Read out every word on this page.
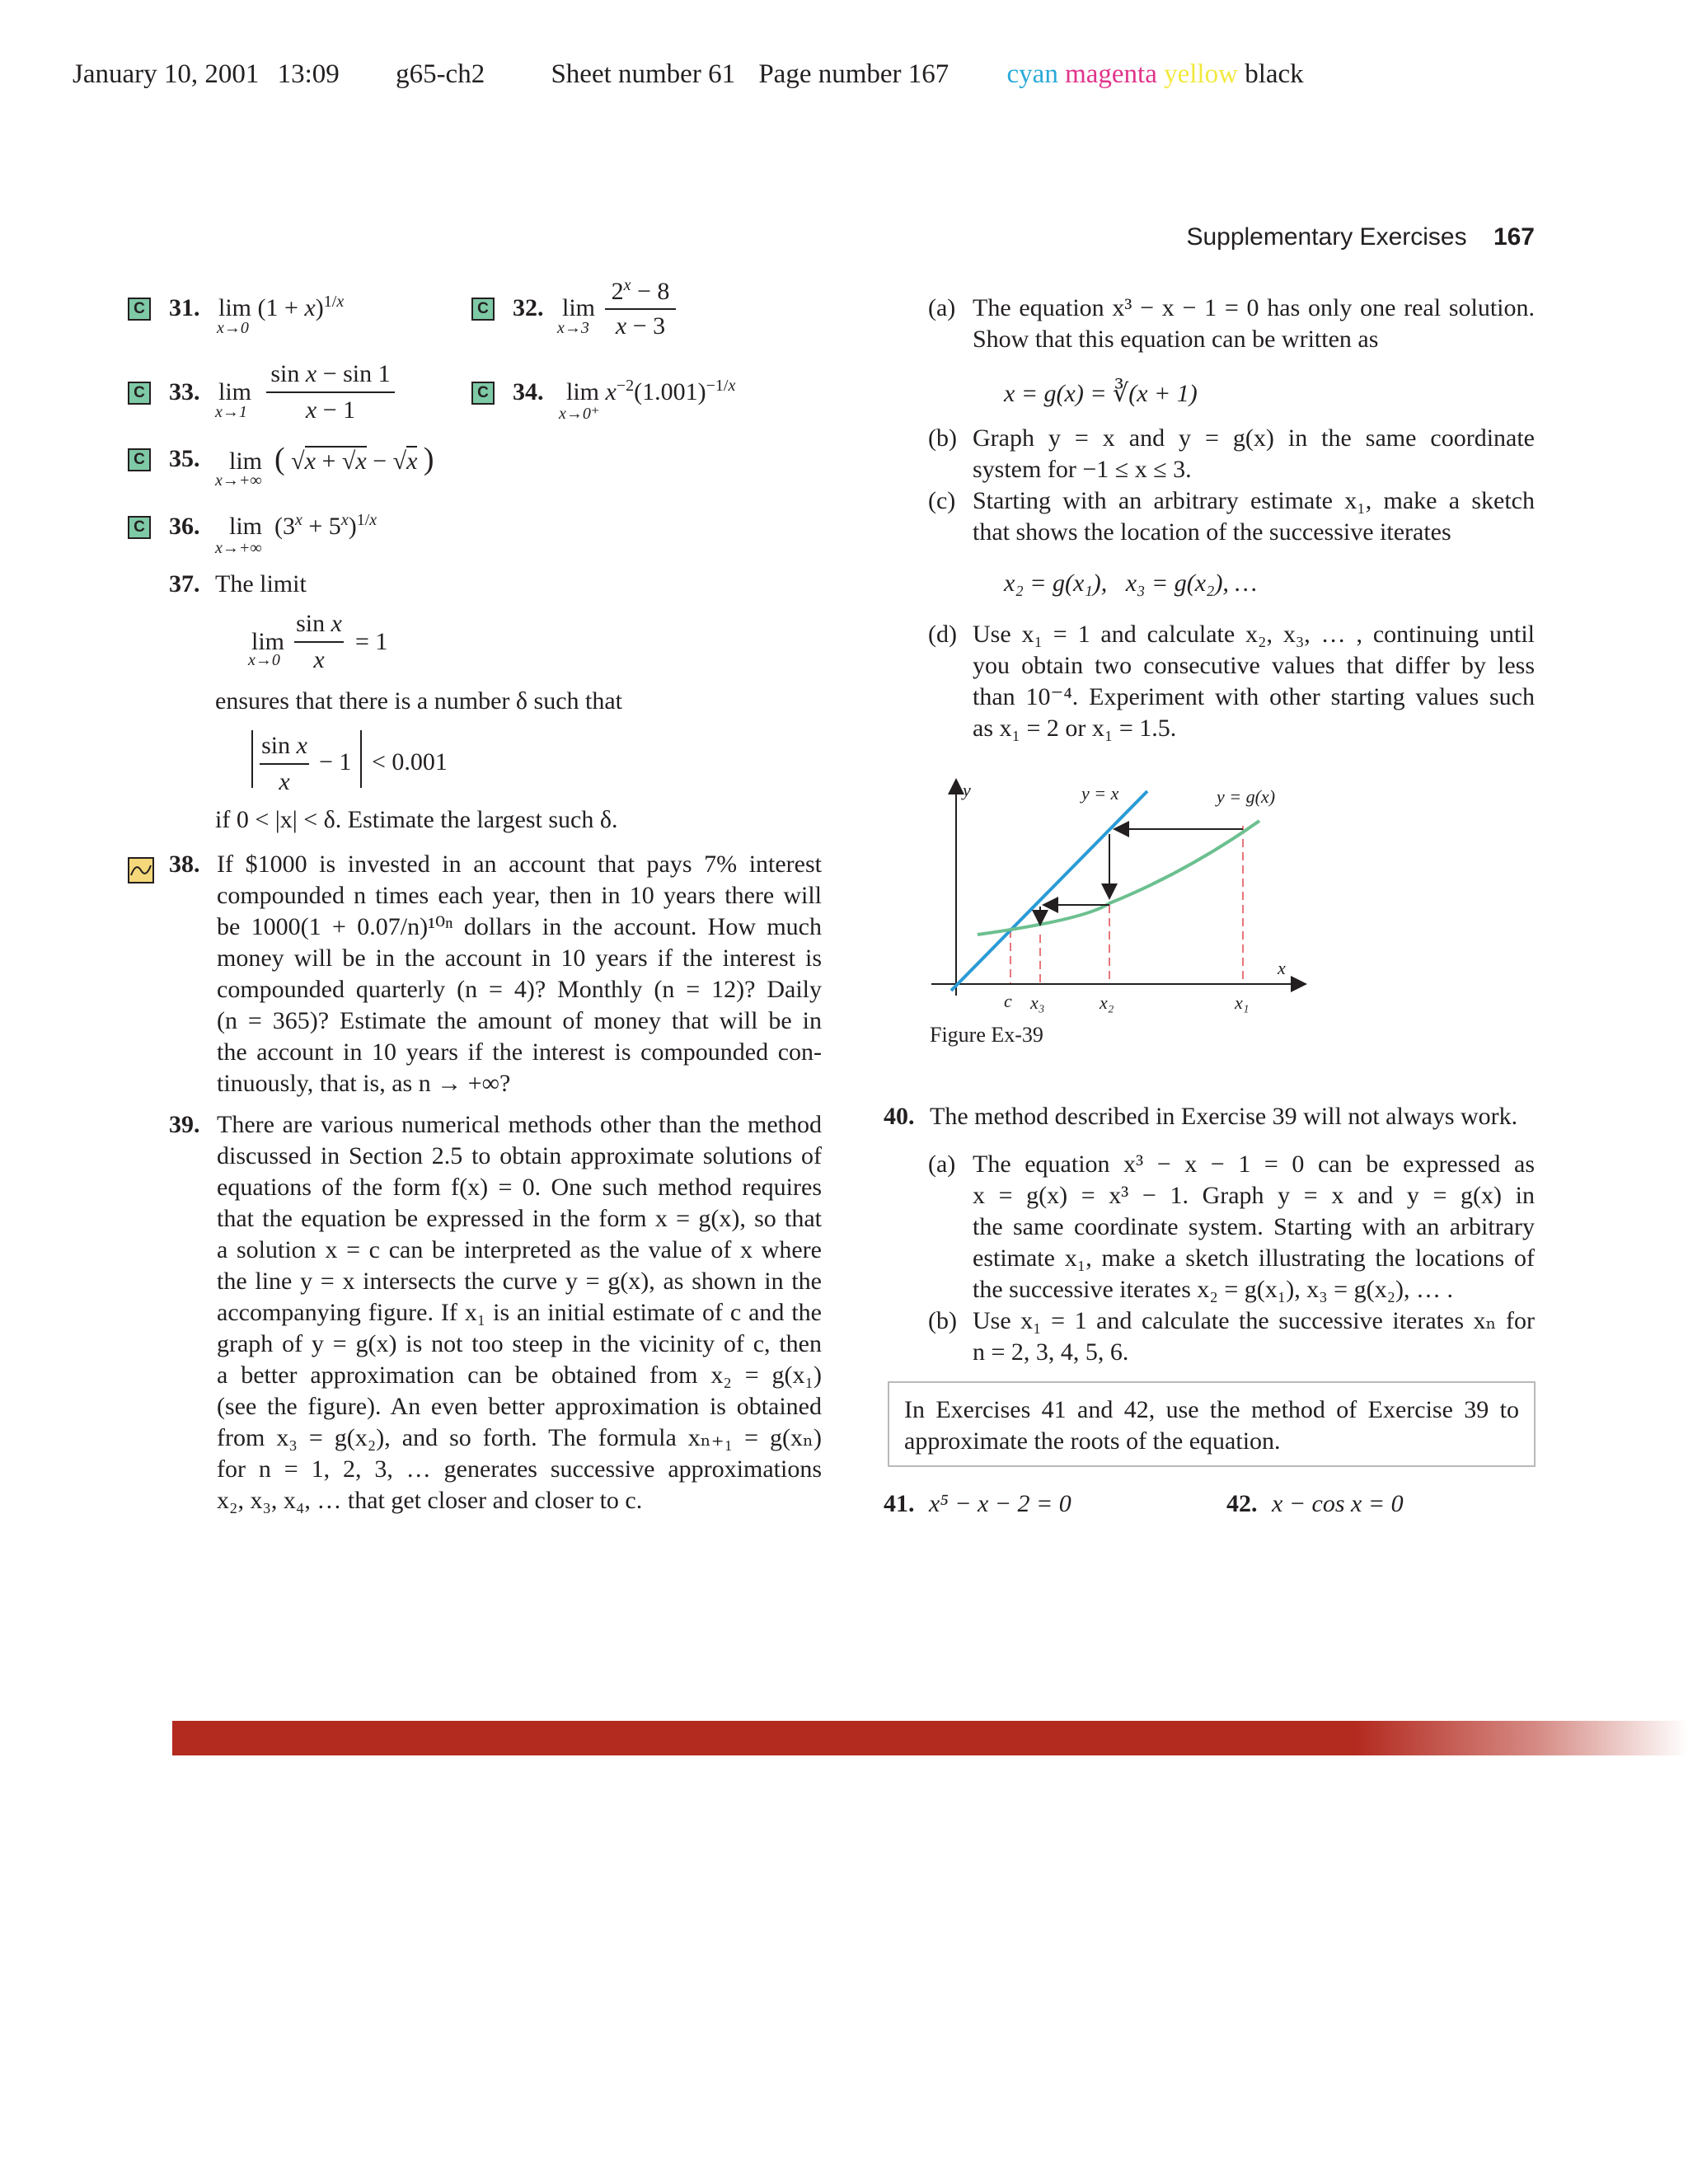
January 10, 2001 13:09 g65-ch2 Sheet number 61 Page number 167 cyan magenta yellow black
Supplementary Exercises 167
C 31. $\lim (1 + x)^{1/x}$
x→0
C 32. lim
x→3
$2^x - 8$
x − 3
C 33. lim
x→1
sin x − sin 1
x − 1
C 34. $\lim x^{-2}(1.001)^{-1/x}$
x→0⁺
C 35. lim  ( √x + √x − √x )
x→+∞
C 36. $\lim (3^x + 5^x)^{1/x}$
x→+∞
37. The limit
lim
x→0
sin x
x
= 1
ensures that there is a number δ such that
sin x
x
− 1 < 0.001
if 0 < |x| < δ. Estimate the largest such δ.
38. If $1000 is invested in an account that pays 7% interest
compounded n times each year, then in 10 years there will
be 1000(1 + 0.07/n)¹⁰ⁿ dollars in the account. How much
money will be in the account in 10 years if the interest is
compounded quarterly (n = 4)? Monthly (n = 12)? Daily
(n = 365)? Estimate the amount of money that will be in
the account in 10 years if the interest is compounded con-
tinuously, that is, as n → +∞?
39. There are various numerical methods other than the method
discussed in Section 2.5 to obtain approximate solutions of
equations of the form f(x) = 0. One such method requires
that the equation be expressed in the form x = g(x), so that
a solution x = c can be interpreted as the value of x where
the line y = x intersects the curve y = g(x), as shown in the
accompanying figure. If x₁ is an initial estimate of c and the
graph of y = g(x) is not too steep in the vicinity of c, then
a better approximation can be obtained from x₂ = g(x₁)
(see the figure). An even better approximation is obtained
from x₃ = g(x₂), and so forth. The formula xₙ₊₁ = g(xₙ)
for n = 1, 2, 3, … generates successive approximations
x₂, x₃, x₄, … that get closer and closer to c.
(a) The equation x³ − x − 1 = 0 has only one real solution.
Show that this equation can be written as
x = g(x) = ∛(x + 1)
(b) Graph y = x and y = g(x) in the same coordinate
system for −1 ≤ x ≤ 3.
(c) Starting with an arbitrary estimate x₁, make a sketch
that shows the location of the successive iterates
x₂ = g(x₁),   x₃ = g(x₂), …
(d) Use x₁ = 1 and calculate x₂, x₃, … , continuing until
you obtain two consecutive values that differ by less
than 10⁻⁴. Experiment with other starting values such
as x₁ = 2 or x₁ = 1.5.
y
x
y = x	y = g(x)
c x₃	x₂	x₁
Figure Ex-39
40. The method described in Exercise 39 will not always work.
(a) The equation x³ − x − 1 = 0 can be expressed as
x = g(x) = x³ − 1. Graph y = x and y = g(x) in
the same coordinate system. Starting with an arbitrary
estimate x₁, make a sketch illustrating the locations of
the successive iterates x₂ = g(x₁), x₃ = g(x₂), … .
(b) Use x₁ = 1 and calculate the successive iterates xₙ for
n = 2, 3, 4, 5, 6.
In Exercises 41 and 42, use the method of Exercise 39 to
approximate the roots of the equation.
41. x⁵ − x − 2 = 0	42. x − cos x = 0
